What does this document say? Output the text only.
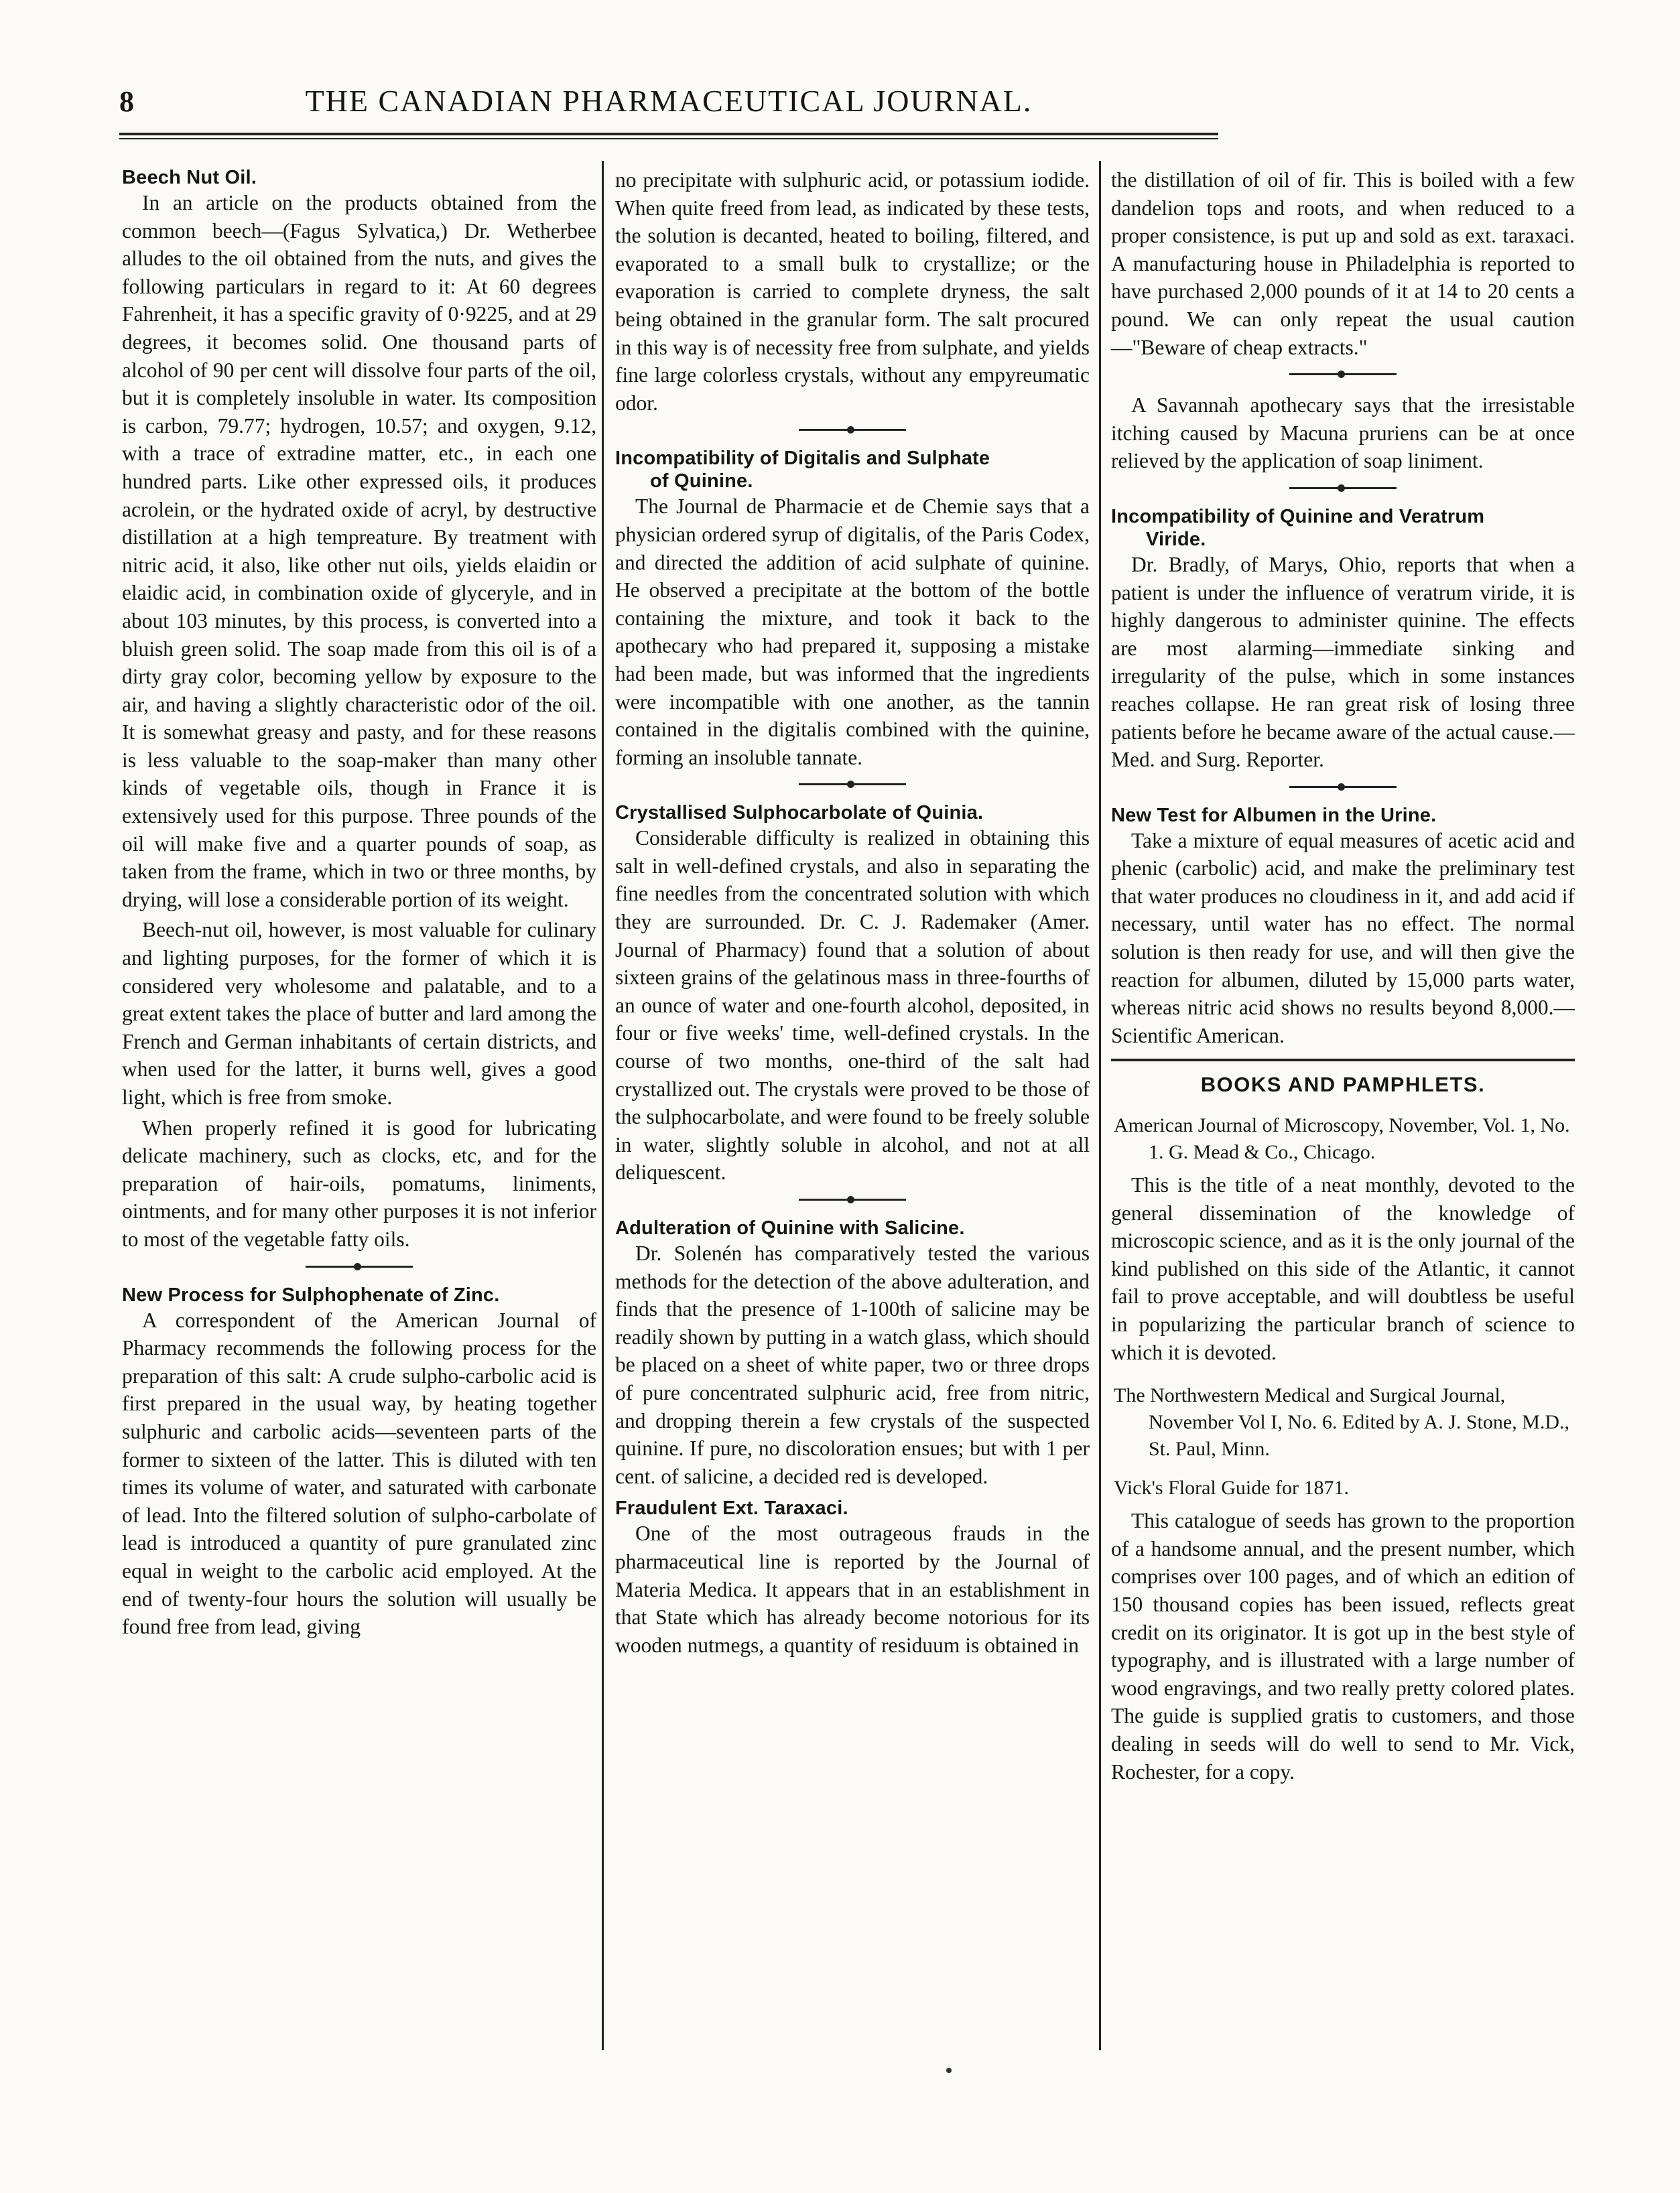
8	THE CANADIAN PHARMACEUTICAL JOURNAL.
Beech Nut Oil.

In an article on the products obtained from the common beech—(Fagus Sylvatica,) Dr. Wetherbee alludes to the oil obtained from the nuts, and gives the following particulars in regard to it: At 60 degrees Fahrenheit, it has a specific gravity of 0·9225, and at 29 degrees, it becomes solid. One thousand parts of alcohol of 90 per cent will dissolve four parts of the oil, but it is completely insoluble in water. Its composition is carbon, 79.77; hydrogen, 10.57; and oxygen, 9.12, with a trace of extradine matter, etc., in each one hundred parts. Like other expressed oils, it produces acrolein, or the hydrated oxide of acryl, by destructive distillation at a high tempreature. By treatment with nitric acid, it also, like other nut oils, yields elaidin or elaidic acid, in combination oxide of glyceryle, and in about 103 minutes, by this process, is converted into a bluish green solid. The soap made from this oil is of a dirty gray color, becoming yellow by exposure to the air, and having a slightly characteristic odor of the oil. It is somewhat greasy and pasty, and for these reasons is less valuable to the soap-maker than many other kinds of vegetable oils, though in France it is extensively used for this purpose. Three pounds of the oil will make five and a quarter pounds of soap, as taken from the frame, which in two or three months, by drying, will lose a considerable portion of its weight.

Beech-nut oil, however, is most valuable for culinary and lighting purposes, for the former of which it is considered very wholesome and palatable, and to a great extent takes the place of butter and lard among the French and German inhabitants of certain districts, and when used for the latter, it burns well, gives a good light, which is free from smoke.

When properly refined it is good for lubricating delicate machinery, such as clocks, etc, and for the preparation of hair-oils, pomatums, liniments, ointments, and for many other purposes it is not inferior to most of the vegetable fatty oils.

New Process for Sulphophenate of Zinc.

A correspondent of the American Journal of Pharmacy recommends the following process for the preparation of this salt: A crude sulpho-carbolic acid is first prepared in the usual way, by heating together sulphuric and carbolic acids—seventeen parts of the former to sixteen of the latter. This is diluted with ten times its volume of water, and saturated with carbonate of lead. Into the filtered solution of sulpho-carbolate of lead is introduced a quantity of pure granulated zinc equal in weight to the carbolic acid employed. At the end of twenty-four hours the solution will usually be found free from lead, giving

no precipitate with sulphuric acid, or potassium iodide. When quite freed from lead, as indicated by these tests, the solution is decanted, heated to boiling, filtered, and evaporated to a small bulk to crystallize; or the evaporation is carried to complete dryness, the salt being obtained in the granular form. The salt procured in this way is of necessity free from sulphate, and yields fine large colorless crystals, without any empyreumatic odor.

Incompatibility of Digitalis and Sulphate
of Quinine.

The Journal de Pharmacie et de Chemie says that a physician ordered syrup of digitalis, of the Paris Codex, and directed the addition of acid sulphate of quinine. He observed a precipitate at the bottom of the bottle containing the mixture, and took it back to the apothecary who had prepared it, supposing a mistake had been made, but was informed that the ingredients were incompatible with one another, as the tannin contained in the digitalis combined with the quinine, forming an insoluble tannate.

Crystallised Sulphocarbolate of Quinia.

Considerable difficulty is realized in obtaining this salt in well-defined crystals, and also in separating the fine needles from the concentrated solution with which they are surrounded. Dr. C. J. Rademaker (Amer. Journal of Pharmacy) found that a solution of about sixteen grains of the gelatinous mass in three-fourths of an ounce of water and one-fourth alcohol, deposited, in four or five weeks' time, well-defined crystals. In the course of two months, one-third of the salt had crystallized out. The crystals were proved to be those of the sulphocarbolate, and were found to be freely soluble in water, slightly soluble in alcohol, and not at all deliquescent.

Adulteration of Quinine with Salicine.

Dr. Solenén has comparatively tested the various methods for the detection of the above adulteration, and finds that the presence of 1-100th of salicine may be readily shown by putting in a watch glass, which should be placed on a sheet of white paper, two or three drops of pure concentrated sulphuric acid, free from nitric, and dropping therein a few crystals of the suspected quinine. If pure, no discoloration ensues; but with 1 per cent. of salicine, a decided red is developed.

Fraudulent Ext. Taraxaci.

One of the most outrageous frauds in the pharmaceutical line is reported by the Journal of Materia Medica. It appears that in an establishment in that State which has already become notorious for its wooden nutmegs, a quantity of residuum is obtained in

the distillation of oil of fir. This is boiled with a few dandelion tops and roots, and when reduced to a proper consistence, is put up and sold as ext. taraxaci. A manufacturing house in Philadelphia is reported to have purchased 2,000 pounds of it at 14 to 20 cents a pound. We can only repeat the usual caution—"Beware of cheap extracts."

A Savannah apothecary says that the irresistable itching caused by Macuna pruriens can be at once relieved by the application of soap liniment.

Incompatibility of Quinine and Veratrum
Viride.

Dr. Bradly, of Marys, Ohio, reports that when a patient is under the influence of veratrum viride, it is highly dangerous to administer quinine. The effects are most alarming—immediate sinking and irregularity of the pulse, which in some instances reaches collapse. He ran great risk of losing three patients before he became aware of the actual cause.—Med. and Surg. Reporter.

New Test for Albumen in the Urine.

Take a mixture of equal measures of acetic acid and phenic (carbolic) acid, and make the preliminary test that water produces no cloudiness in it, and add acid if necessary, until water has no effect. The normal solution is then ready for use, and will then give the reaction for albumen, diluted by 15,000 parts water, whereas nitric acid shows no results beyond 8,000.—Scientific American.

BOOKS AND PAMPHLETS.

American Journal of Microscopy, November, Vol. 1, No. 1. G. Mead & Co., Chicago.

This is the title of a neat monthly, devoted to the general dissemination of the knowledge of microscopic science, and as it is the only journal of the kind published on this side of the Atlantic, it cannot fail to prove acceptable, and will doubtless be useful in popularizing the particular branch of science to which it is devoted.

The Northwestern Medical and Surgical Journal, November Vol I, No. 6. Edited by A. J. Stone, M.D., St. Paul, Minn.

Vick's Floral Guide for 1871.

This catalogue of seeds has grown to the proportion of a handsome annual, and the present number, which comprises over 100 pages, and of which an edition of 150 thousand copies has been issued, reflects great credit on its originator. It is got up in the best style of typography, and is illustrated with a large number of wood engravings, and two really pretty colored plates. The guide is supplied gratis to customers, and those dealing in seeds will do well to send to Mr. Vick, Rochester, for a copy.
